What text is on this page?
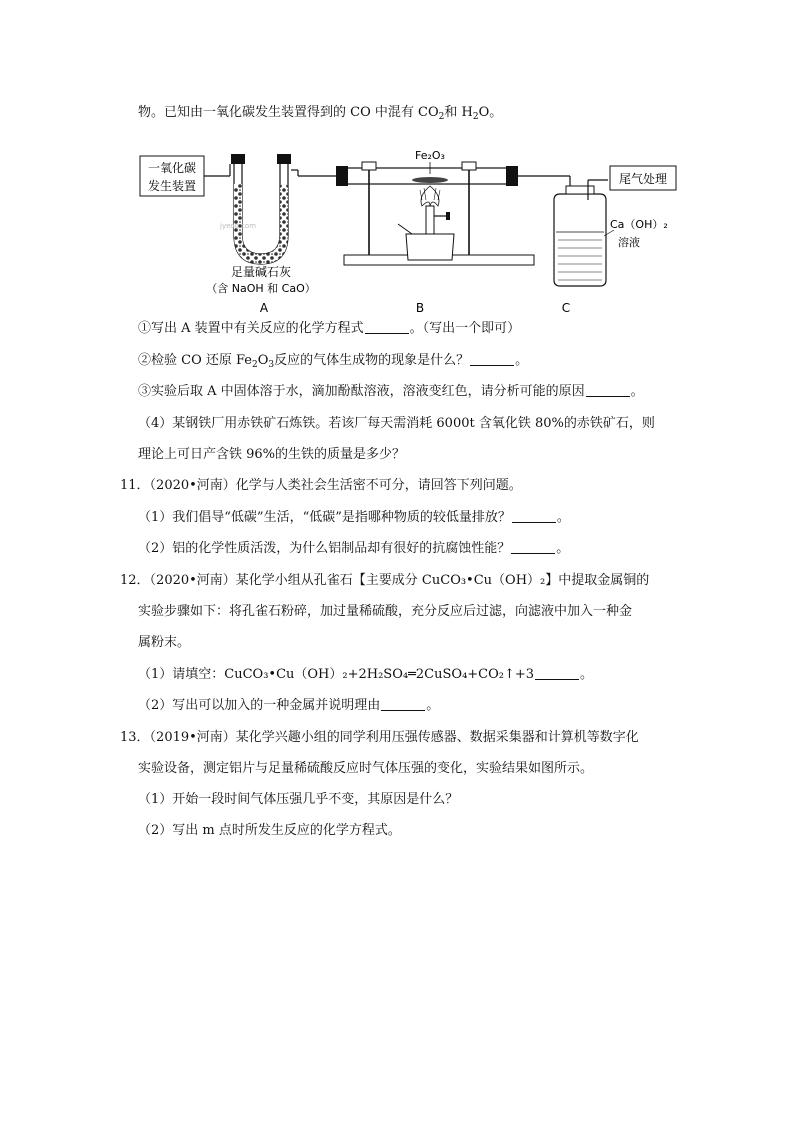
物。已知由一氧化碳发生装置得到的 CO 中混有 $CO_2$和 $H_2O$。
一氧化碳
发生装置
jyeoo.com
Fe₂O₃
尾气处理
Ca（OH）₂
溶液
足量碱石灰
（含 NaOH 和 CaO）
A	B	C
①写出 A 装置中有关反应的化学方程式	。（写出一个即可）
②检验 CO 还原 $Fe_2O_3$反应的气体生成物的现象是什么？	。
③实验后取 A 中固体溶于水，滴加酚酞溶液，溶液变红色，请分析可能的原因	。
（4）某钢铁厂用赤铁矿石炼铁。若该厂每天需消耗 6000t 含氧化铁 80%的赤铁矿石，则
理论上可日产含铁 96%的生铁的质量是多少？
11．（2020•河南）化学与人类社会生活密不可分，请回答下列问题。
（1）我们倡导“低碳”生活，“低碳”是指哪种物质的较低量排放？	。
（2）铝的化学性质活泼，为什么铝制品却有很好的抗腐蚀性能？	。
12．（2020•河南）某化学小组从孔雀石【主要成分 CuCO₃•Cu（OH）₂】中提取金属铜的
实验步骤如下：将孔雀石粉碎，加过量稀硫酸，充分反应后过滤，向滤液中加入一种金
属粉末。
（1）请填空：CuCO₃•Cu（OH）₂+2H₂SO₄═2CuSO₄+CO₂↑+3	。
（2）写出可以加入的一种金属并说明理由	。
13．（2019•河南）某化学兴趣小组的同学利用压强传感器、数据采集器和计算机等数字化
实验设备，测定铝片与足量稀硫酸反应时气体压强的变化，实验结果如图所示。
（1）开始一段时间气体压强几乎不变，其原因是什么？
（2）写出 m 点时所发生反应的化学方程式。
